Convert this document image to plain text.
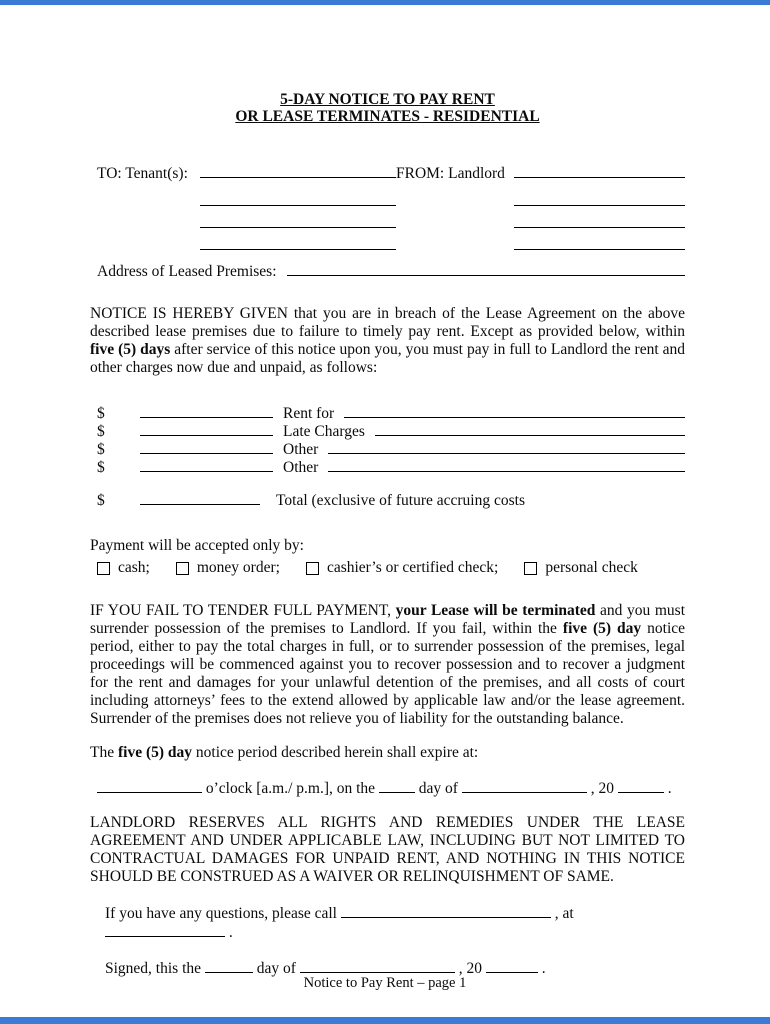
5-DAY NOTICE TO PAY RENT
OR LEASE TERMINATES - RESIDENTIAL
TO: Tenant(s):	FROM: Landlord
Address of Leased Premises:
NOTICE IS HEREBY GIVEN that you are in breach of the Lease Agreement on the above described lease premises due to failure to timely pay rent. Except as provided below, within five (5) days after service of this notice upon you, you must pay in full to Landlord the rent and other charges now due and unpaid, as follows:
$	Rent for
$	Late Charges
$	Other
$	Other
$	Total (exclusive of future accruing costs
Payment will be accepted only by:
cash;	money order;	cashier’s or certified check;	personal check
IF YOU FAIL TO TENDER FULL PAYMENT, your Lease will be terminated and you must surrender possession of the premises to Landlord. If you fail, within the five (5) day notice period, either to pay the total charges in full, or to surrender possession of the premises, legal proceedings will be commenced against you to recover possession and to recover a judgment for the rent and damages for your unlawful detention of the premises, and all costs of court including attorneys’ fees to the extend allowed by applicable law and/or the lease agreement. Surrender of the premises does not relieve you of liability for the outstanding balance.
The five (5) day notice period described herein shall expire at:
o’clock [a.m./ p.m.], on the	day of	, 20	.
LANDLORD RESERVES ALL RIGHTS AND REMEDIES UNDER THE LEASE AGREEMENT AND UNDER APPLICABLE LAW, INCLUDING BUT NOT LIMITED TO CONTRACTUAL DAMAGES FOR UNPAID RENT, AND NOTHING IN THIS NOTICE SHOULD BE CONSTRUED AS A WAIVER OR RELINQUISHMENT OF SAME.
If you have any questions, please call	, at  .
Signed, this the	day of	, 20	.
Notice to Pay Rent – page 1
